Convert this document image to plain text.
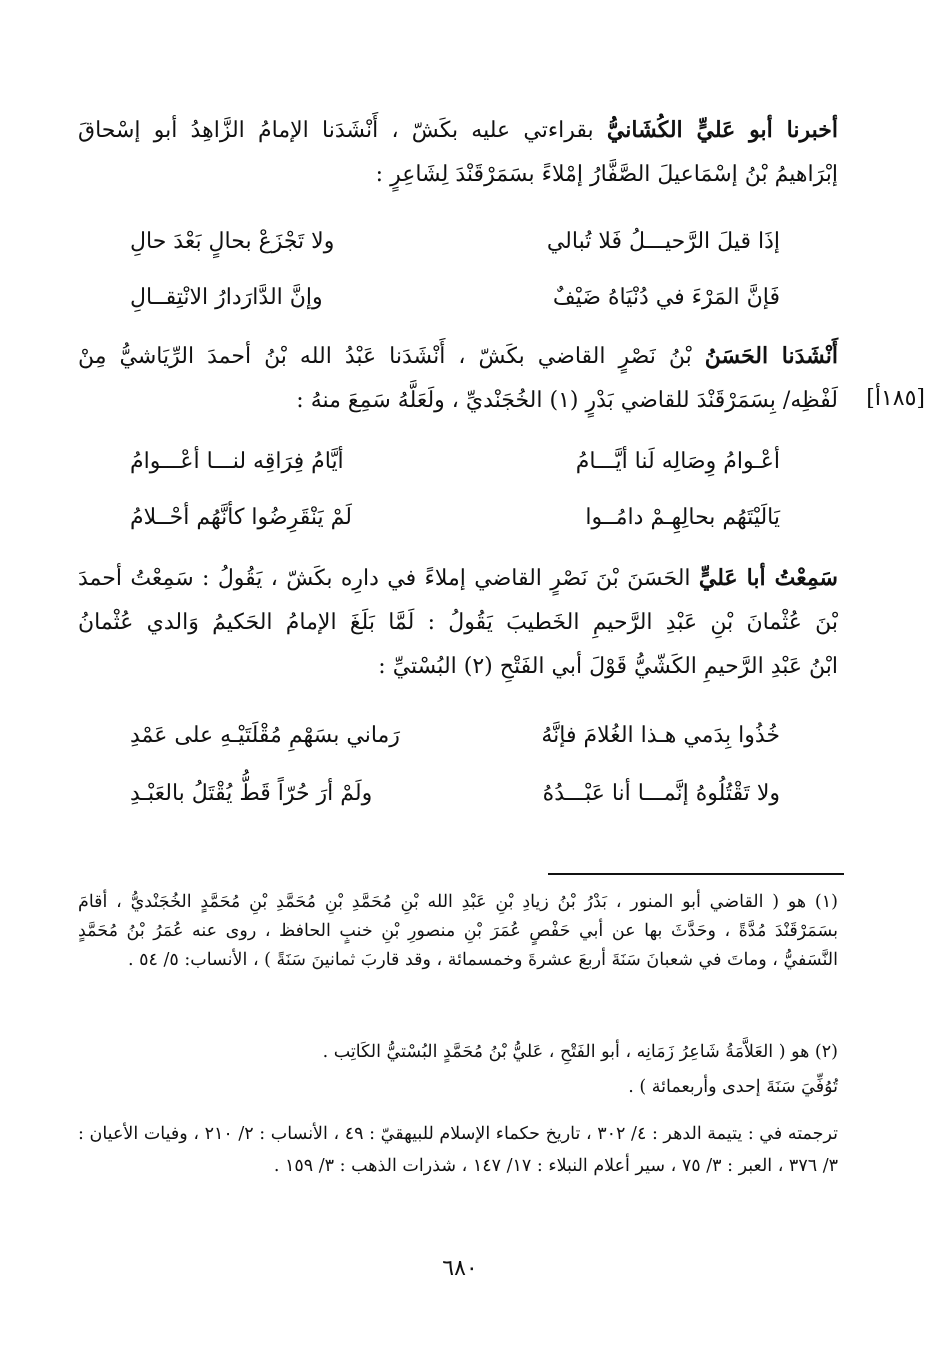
أخبرنا أبو عَليٍّ الكُشَانيُّ بقراءتي عليه بكَشّ ، أَنْشَدَنا الإمامُ الزَّاهِدُ أبو إسْحاقَ
إبْرَاهيمُ بْنُ إسْمَاعيلَ الصَّفَّارُ إمْلاءً بسَمَرْقَنْدَ لِشَاعِرٍ :
إذَا قيلَ الرَّحيـــلُ فَلا تُبالي
ولا تَجْزَعْ بحالٍ بَعْدَ حالِ
فَإنَّ المَرْءَ في دُنْيَاهُ ضَيْفٌ
وإنَّ الدَّارَدارُ الانْتِقــالِ
أَنْشَدَنا الحَسَنُ بْنُ نَصْرٍ القاضي بكَشّ ، أَنْشَدَنا عَبْدُ الله بْنُ أحمدَ الرِّيَاشيُّ مِنْ
لَفْظِه/ بِسَمَرْقَنْدَ للقاضي بَدْرٍ (١) الخُجَنْديِّ ، ولَعَلَّهُ سَمِعَ منهُ : [١٨٥أ]
أعْـوامُ وِصَالِه لَنا أيَّـــامُ
أيَّامُ فِرَاقِه لنـــا أعْـــوامُ
يَالَيْتَهُم بحالِهِـمْ دامُــوا
لَمْ يَنْقَرِضُوا كأنَّهُم أحْــلامُ
سَمِعْتُ أبا عَليٍّ الحَسَنَ بْنَ نَصْرٍ القاضي إملاءً في دارِه بكَشّ ، يَقُولُ : سَمِعْتُ أحمدَ بْنَ عُثْمانَ بْنِ عَبْدِ الرَّحيمِ الخَطيبَ يَقُولُ : لَمَّا بَلَغَ الإمامُ الحَكيمُ وَالدي عُثْمانُ
ابْنُ عَبْدِ الرَّحيمِ الكَشّيُّ قَوْلَ أبي الفَتْحِ (٢) البُسْتيِّ :
خُذُوا بِدَمي هـذا الغُلامَ فإنَّهُ
رَماني بسَهْمِ مُقْلَتَيْـهِ على عَمْدِ
ولا تَقْتُلُوهُ إنَّمـــا أنا عَبْـــدُهُ
ولَمْ أرَ حُرّاً قَطُّ يُقْتَلُ بالعَبْـدِ
(١) هو ( القاضي أبو المنور ، بَدْرُ بْنُ زيادِ بْنِ عَبْدِ الله بْنِ مُحَمَّدِ بْنِ مُحَمَّدِ بْنِ مُحَمَّدٍ الخُجَنْديُّ ، أقامَ بسَمَرْقَنْدَ مُدَّةً ، وحَدَّثَ بها عن أبي حَفْصٍ عُمَرَ بْنِ منصورِ بْنِ خنبٍ الحافظ ، روى عنه عُمَرُ بْنُ مُحَمَّدٍ النَّسَفيُّ ، وماتَ في شعبانَ سَنَةَ أربعَ عشرةَ وخمسمائة ، وقد قاربَ ثمانينَ سَنَةً ) ، الأنساب: ٥/ ٥٤ .
(٢) هو ( العَلاَّمَةُ شَاعِرُ زَمَانِه ، أبو الفَتْحِ ، عَليُّ بْنُ مُحَمَّدٍ البُسْتيُّ الكَاتِب .
تُوُفِّيَ سَنَةَ إحدى وأربعمائة ) .
ترجمته في : يتيمة الدهر : ٤/ ٣٠٢ ، تاريخ حكماء الإسلام للبيهقيّ : ٤٩ ، الأنساب : ٢/ ٢١٠ ، وفيات الأعيان : ٣/ ٣٧٦ ، العبر : ٣/ ٧٥ ، سير أعلام النبلاء : ١٧/ ١٤٧ ، شذرات الذهب : ٣/ ١٥٩ .
٦٨٠
